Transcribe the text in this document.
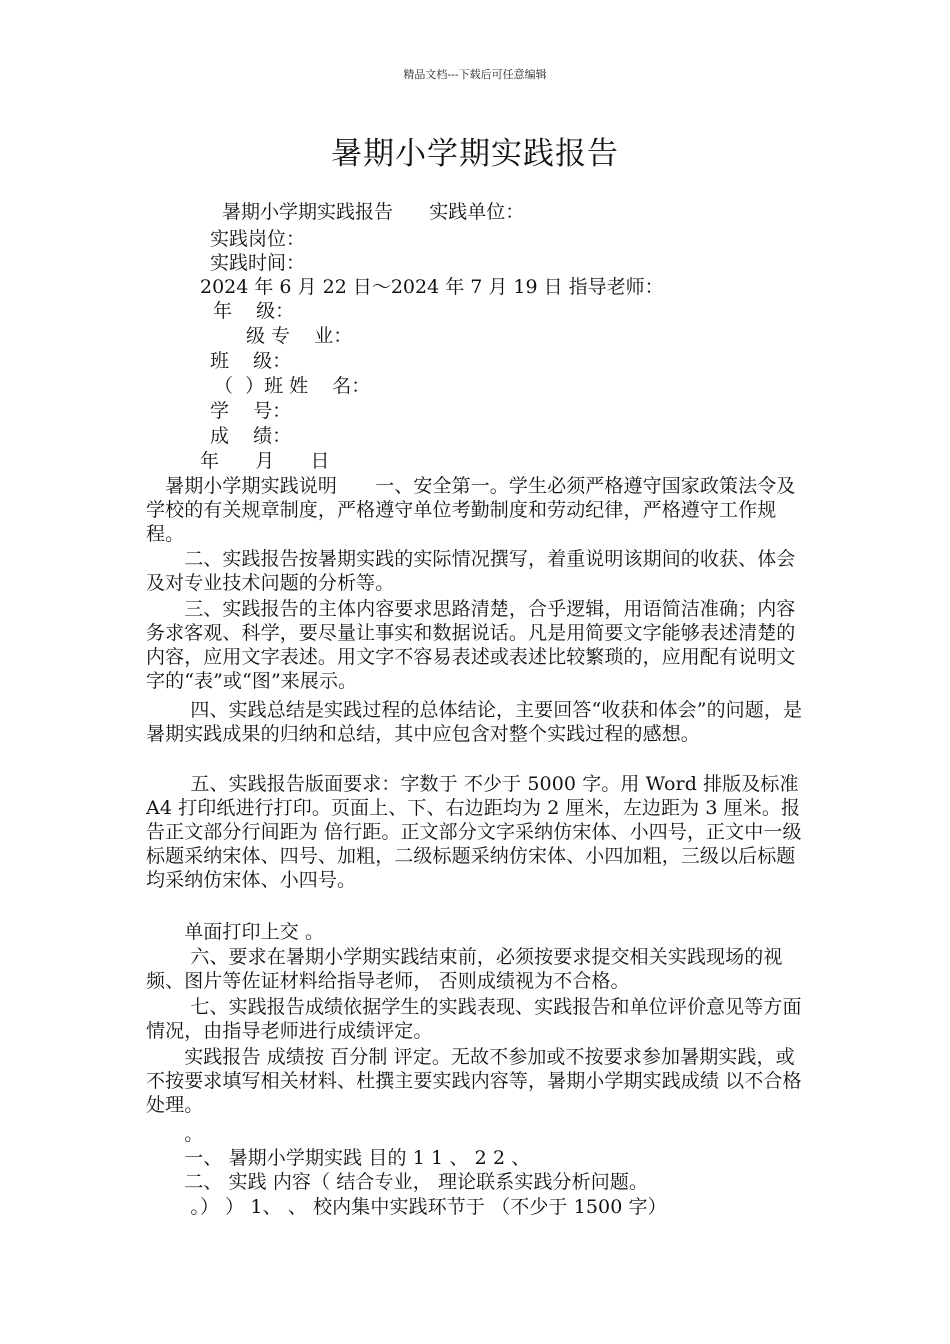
精品文档---下载后可任意编辑
暑期小学期实践报告
暑期小学期实践报告      实践单位：
实践岗位：
实践时间：
2024 年 6 月 22 日～2024 年 7 月 19 日 指导老师：
年    级：
级 专    业：
班    级：
（  ）班 姓    名：
学    号：
成    绩：
年      月      日
　暑期小学期实践说明　　一、安全第一。学生必须严格遵守国家政策法令及学校的有关规章制度，严格遵守单位考勤制度和劳动纪律，严格遵守工作规程。
　　二、实践报告按暑期实践的实际情况撰写，着重说明该期间的收获、体会及对专业技术问题的分析等。
　　三、实践报告的主体内容要求思路清楚，合乎逻辑，用语简洁准确；内容务求客观、科学，要尽量让事实和数据说话。凡是用简要文字能够表述清楚的内容，应用文字表述。用文字不容易表述或表述比较繁琐的，应用配有说明文字的“表”或“图”来展示。
　　 四、实践总结是实践过程的总体结论，主要回答“收获和体会”的问题，是暑期实践成果的归纳和总结，其中应包含对整个实践过程的感想。
　　 五、实践报告版面要求：字数于 不少于 5000 字。用 Word 排版及标准 A4 打印纸进行打印。页面上、下、右边距均为 2 厘米，左边距为 3 厘米。报告正文部分行间距为 倍行距。正文部分文字采纳仿宋体、小四号，正文中一级标题采纳宋体、四号、加粗，二级标题采纳仿宋体、小四加粗，三级以后标题均采纳仿宋体、小四号。
　　单面打印上交 。
　　 六、要求在暑期小学期实践结束前，必须按要求提交相关实践现场的视频、图片等佐证材料给指导老师， 否则成绩视为不合格。
　　 七、实践报告成绩依据学生的实践表现、实践报告和单位评价意见等方面情况，由指导老师进行成绩评定。
　　实践报告 成绩按 百分制 评定。无故不参加或不按要求参加暑期实践，或不按要求填写相关材料、杜撰主要实践内容等，暑期小学期实践成绩 以不合格 处理。
　　。
　　一、 暑期小学期实践 目的 1 1 、 2 2 、
　　二、 实践 内容（ 结合专业， 理论联系实践分析问题。
　　 。） ） 1、 、 校内集中实践环节于 （不少于 1500 字）
